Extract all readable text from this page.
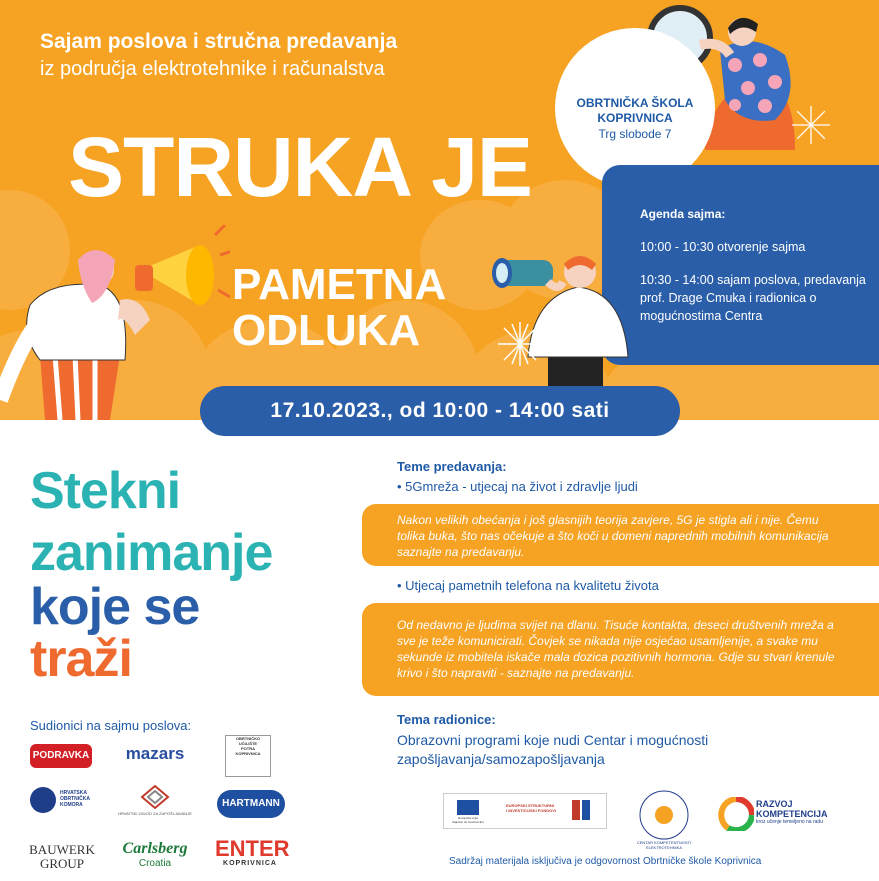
Sajam poslova i stručna predavanja
iz područja elektrotehnike i računalstva
OBRTNIČKA ŠKOLA
KOPRIVNICA
Trg slobode 7
STRUKA JE	Agenda sajma:
10:00 - 10:30 otvorenje sajma
10:30 - 14:00 sajam poslova, predavanja prof. Drage Cmuka i radionica o mogućnostima Centra
PAMETNA
ODLUKA
17.10.2023., od 10:00 - 14:00 sati
Stekni
zanimanje
koje se
traži
Sudionici na sajmu poslova:
PODRAVKA	mazars
OBRTNIČKO
UČILIŠTE
POTRA
KOPRIVNICA
HRVATSKA
OBRTNIČKA
KOMORA
HRVATSKI ZAVOD ZA ZAPOŠLJAVANJE
HARTMANN
BAUWERK
GROUP
Carlsberg
Croatia
ENTER
KOPRIVNICA
Teme predavanja:
• 5Gmreža - utjecaj na život i zdravlje ljudi
Nakon velikih obećanja i još glasnijih teorija zavjere, 5G je stigla ali i nije. Čemu tolika buka, što nas očekuje a što koči u domeni naprednih mobilnih komunikacija saznajte na predavanju.
• Utjecaj pametnih telefona na kvalitetu života
Od nedavno je ljudima svijet na dlanu. Tisuće kontakta, deseci društvenih mreža a sve je teže komunicirati. Čovjek se nikada nije osjećao usamljenije, a svake mu sekunde iz mobitela iskače mala dozica pozitivnih hormona. Gdje su stvari krenule krivo i što napraviti - saznajte na predavanju.
Tema radionice:
Obrazovni programi koje nudi Centar i mogućnosti zapošljavanja/samozapošljavanja
Europska unija
Zajedno do fondova EU
EUROPSKI STRUKTURNI
I INVESTICIJSKI FONDOVI
CENTAR KOMPETENTNOSTI
ELEKTROTEHNIKA
RAZVOJ
KOMPETENCIJA
kroz učenje temeljeno na radu
Sadržaj materijala isključiva je odgovornost Obrtničke škole Koprivnica
